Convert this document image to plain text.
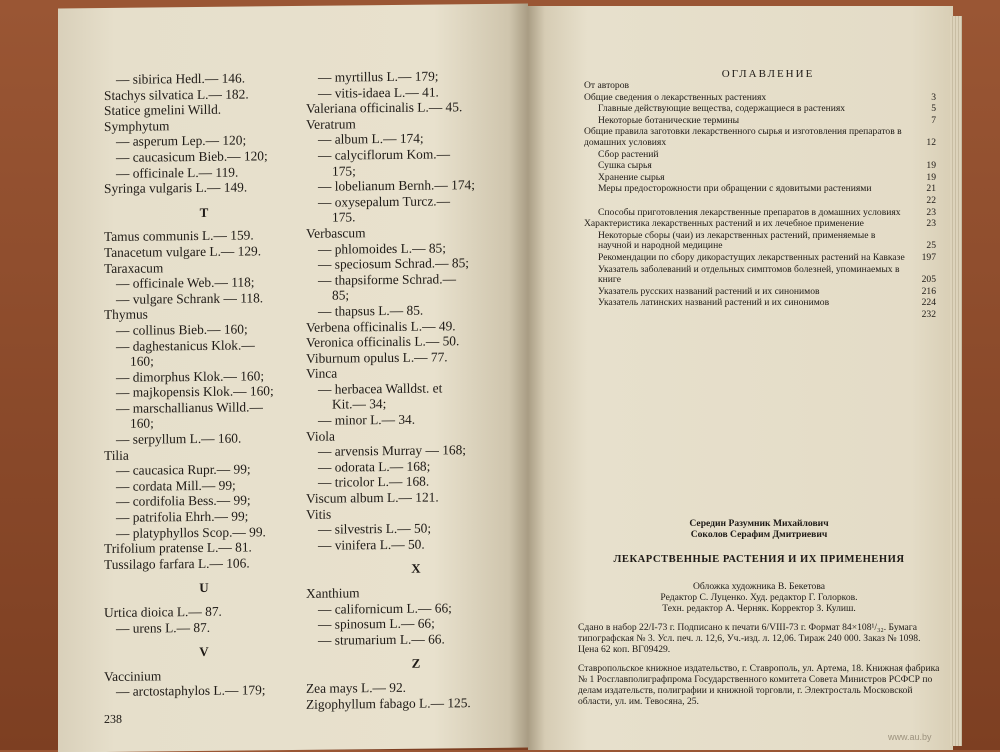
— sibirica Hedl.— 146.
Stachys silvatica L.— 182.
Statice gmelini Willd.
Symphytum
— asperum Lep.— 120;
— caucasicum Bieb.— 120;
— officinale L.— 119.
Syringa vulgaris L.— 149.
T
Tamus communis L.— 159.
Tanacetum vulgare L.— 129.
Taraxacum
— officinale Web.— 118;
— vulgare Schrank — 118.
Thymus
— collinus Bieb.— 160;
— daghestanicus Klok.—
160;
— dimorphus Klok.— 160;
— majkopensis Klok.— 160;
— marschallianus Willd.—
160;
— serpyllum L.— 160.
Tilia
— caucasica Rupr.— 99;
— cordata Mill.— 99;
— cordifolia Bess.— 99;
— patrifolia Ehrh.— 99;
— platyphyllos Scop.— 99.
Trifolium pratense L.— 81.
Tussilago farfara L.— 106.
U
Urtica dioica L.— 87.
— urens L.— 87.
V
Vaccinium
— arctostaphylos L.— 179;
— myrtillus L.— 179;
— vitis-idaea L.— 41.
Valeriana officinalis L.— 45.
Veratrum
— album L.— 174;
— calyciflorum Kom.—
175;
— lobelianum Bernh.— 174;
— oxysepalum Turcz.—
175.
Verbascum
— phlomoides L.— 85;
— speciosum Schrad.— 85;
— thapsiforme Schrad.—
85;
— thapsus L.— 85.
Verbena officinalis L.— 49.
Veronica officinalis L.— 50.
Viburnum opulus L.— 77.
Vinca
— herbacea Walldst. et
Kit.— 34;
— minor L.— 34.
Viola
— arvensis Murray — 168;
— odorata L.— 168;
— tricolor L.— 168.
Viscum album L.— 121.
Vitis
— silvestris L.— 50;
— vinifera L.— 50.
X
Xanthium
— californicum L.— 66;
— spinosum L.— 66;
— strumarium L.— 66.
Z
Zea mays L.— 92.
Zigophyllum fabago L.— 125.
238
ОГЛАВЛЕНИЕ
От авторов
Общие сведения о лекарственных растениях	3
Главные действующие вещества, содержащиеся в растениях	5
Некоторые ботанические термины	7
Общие правила заготовки лекарственного сырья и изготовления препаратов в домашних условиях	12
Сбор растений
Сушка сырья	19
Хранение сырья	19
Меры предосторожности при обращении с ядовитыми растениями	21
22
Способы приготовления лекарственные препаратов в домашних условиях	23
Характеристика лекарственных растений и их лечебное применение	23
Некоторые сборы (чаи) из лекарственных растений, применяемые в научной и народной медицине	25
Рекомендации по сбору дикорастущих лекарственных растений на Кавказе	197
Указатель заболеваний и отдельных симптомов болезней, упоминаемых в книге	205
Указатель русских названий растений и их синонимов	216
Указатель латинских названий растений и их синонимов	224
232
Середин Разумник Михайлович
Соколов Серафим Дмитриевич
ЛЕКАРСТВЕННЫЕ РАСТЕНИЯ И ИХ ПРИМЕНЕНИЯ
Обложка художника В. Бекетова
Редактор С. Луценко. Худ. редактор Г. Голорков.
Техн. редактор А. Черняк. Корректор З. Кулиш.
Сдано в набор 22/I-73 г. Подписано к печати 6/VIII-73 г. Формат 84×108¹/₃₂. Бумага типографская № 3. Усл. печ. л. 12,6, Уч.-изд. л. 12,06. Тираж 240 000. Заказ № 1098. Цена 62 коп. ВГ09429.
Ставропольское книжное издательство, г. Ставрополь, ул. Артема, 18. Книжная фабрика № 1 Росглавполиграфпрома Государственного комитета Совета Министров РСФСР по делам издательств, полиграфии и книжной торговли, г. Электросталь Московской области, ул. им. Тевосяна, 25.
www.au.by
